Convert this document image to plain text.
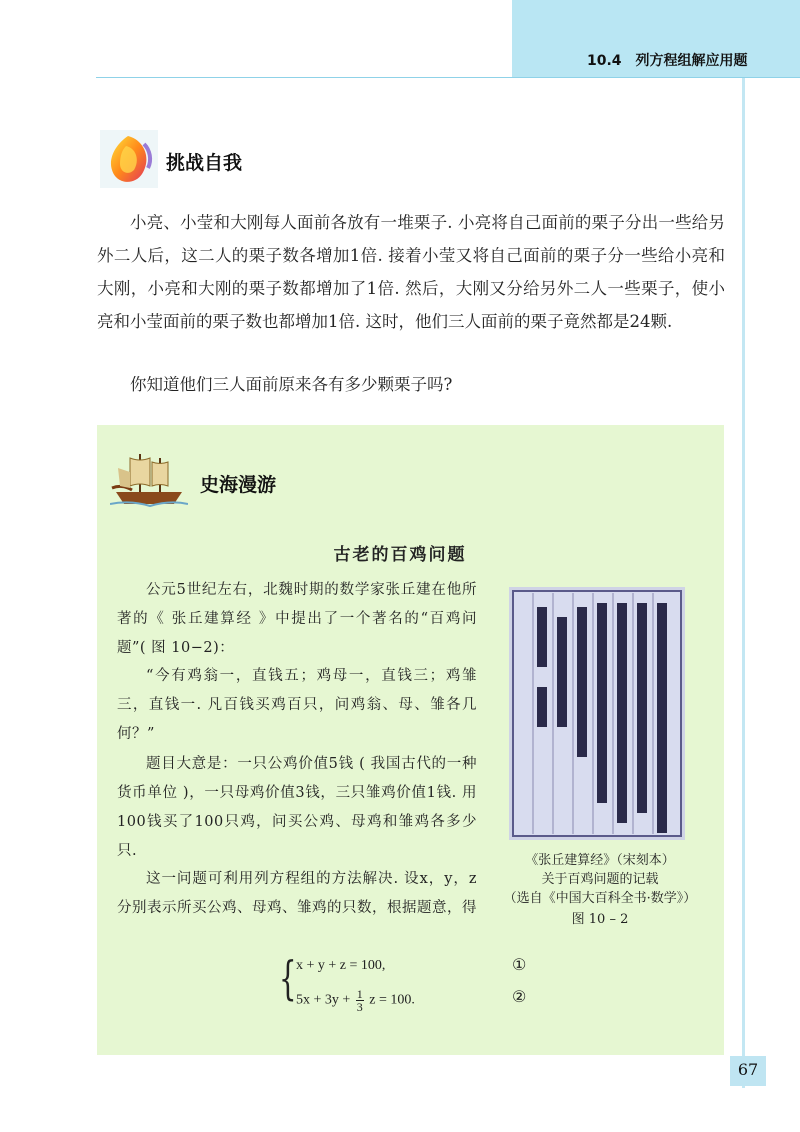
10.4　列方程组解应用题
挑战自我

小亮、小莹和大刚每人面前各放有一堆栗子. 小亮将自己面前的栗子分出一些给另外二人后，这二人的栗子数各增加1倍. 接着小莹又将自己面前的栗子分一些给小亮和大刚，小亮和大刚的栗子数都增加了1倍. 然后，大刚又分给另外二人一些栗子，使小亮和小莹面前的栗子数也都增加1倍. 这时，他们三人面前的栗子竟然都是24颗.

你知道他们三人面前原来各有多少颗栗子吗?

史海漫游
古老的百鸡问题

公元5世纪左右，北魏时期的数学家张丘建在他所著的《 张丘建算经 》中提出了一个著名的“百鸡问题”( 图 10−2)：

“今有鸡翁一，直钱五；鸡母一，直钱三；鸡雏三，直钱一. 凡百钱买鸡百只，问鸡翁、母、雏各几何？”

题目大意是：一只公鸡价值5钱 ( 我国古代的一种货币单位 )，一只母鸡价值3钱，三只雏鸡价值1钱. 用100钱买了100只鸡，问买公鸡、母鸡和雏鸡各多少只.

这一问题可利用列方程组的方法解决. 设x，y，z分别表示所买公鸡、母鸡、雏鸡的只数，根据题意，得

《张丘建算经》（宋刻本）
关于百鸡问题的记载
（选自《中国大百科全书·数学》）
图 10 – 2
{ x + y + z = 100,
$5x + 3y + \frac{1}{3}$ z = 100.
①
②
67
